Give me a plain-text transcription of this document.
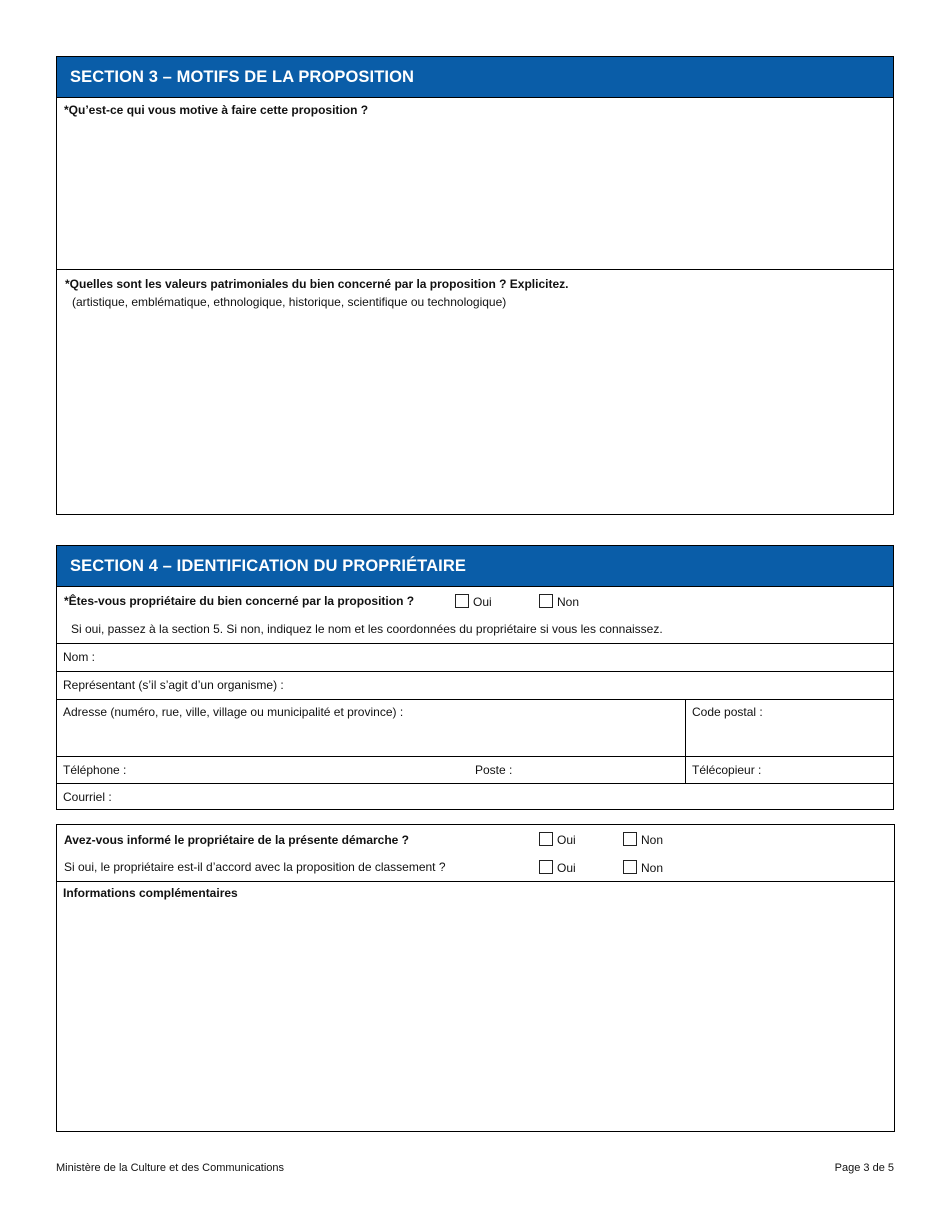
SECTION 3 – MOTIFS DE LA PROPOSITION
*Qu’est-ce qui vous motive à faire cette proposition ?
*Quelles sont les valeurs patrimoniales du bien concerné par la proposition ? Explicitez.
(artistique, emblématique, ethnologique, historique, scientifique ou technologique)
SECTION 4 – IDENTIFICATION DU PROPRIÉTAIRE
*Êtes-vous propriétaire du bien concerné par la proposition ?	Oui	Non
Si oui, passez à la section 5. Si non, indiquez le nom et les coordonnées du propriétaire si vous les connaissez.
Nom :
Représentant (s’il s’agit d’un organisme) :
Adresse (numéro, rue, ville, village ou municipalité et province) :	Code postal :
Téléphone :	Poste :	Télécopieur :
Courriel :
Avez-vous informé le propriétaire de la présente démarche ?	Oui	Non
Si oui, le propriétaire est-il d’accord avec la proposition de classement ?	Oui	Non
Informations complémentaires
Ministère de la Culture et des Communications	Page 3 de 5
